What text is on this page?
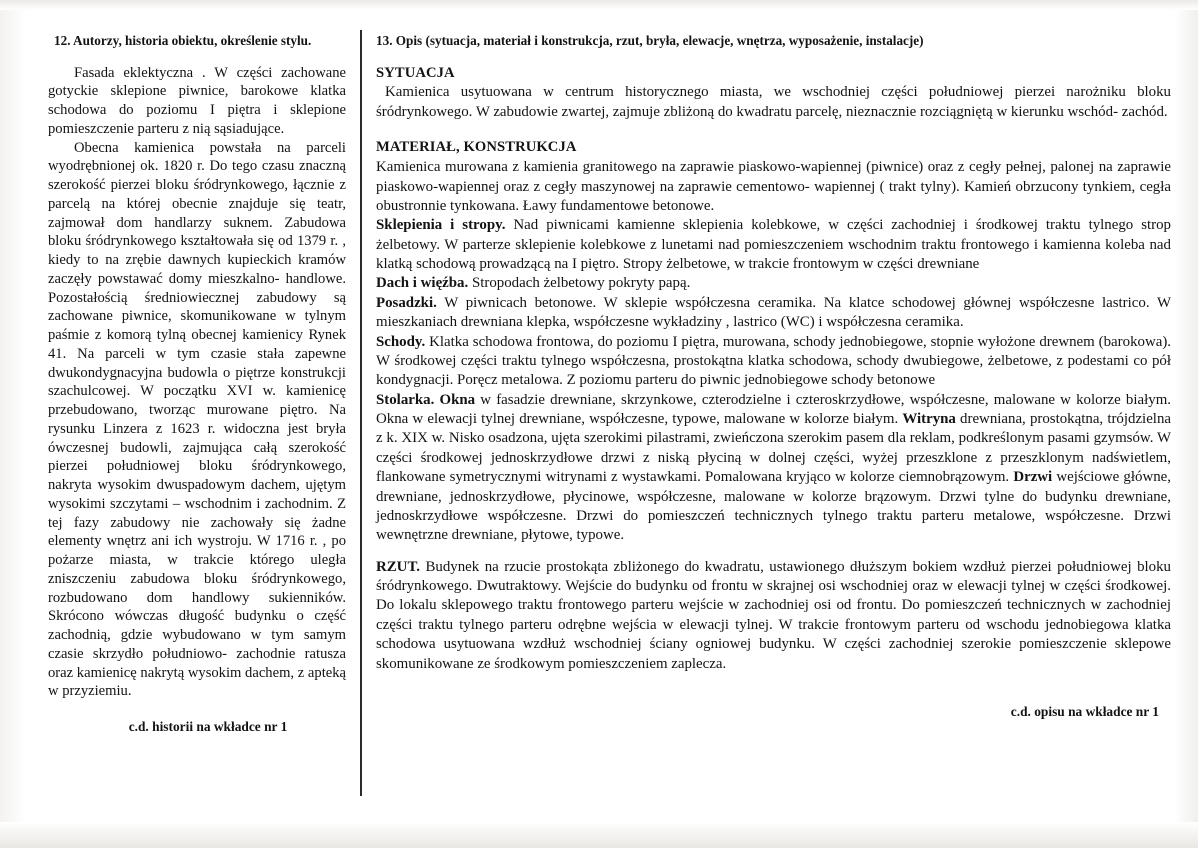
12. Autorzy, historia obiektu, określenie stylu.

Fasada eklektyczna . W części zachowane gotyckie sklepione piwnice, barokowe klatka schodowa do poziomu I piętra i sklepione pomieszczenie parteru z nią sąsiadujące.

Obecna kamienica powstała na parceli wyodrębnionej ok. 1820 r. Do tego czasu znaczną szerokość pierzei bloku śródrynkowego, łącznie z parcelą na której obecnie znajduje się teatr, zajmował dom handlarzy suknem. Zabudowa bloku śródrynkowego kształtowała się od 1379 r. , kiedy to na zrębie dawnych kupieckich kramów zaczęły powstawać domy mieszkalno- handlowe. Pozostałością średniowiecznej zabudowy są zachowane piwnice, skomunikowane w tylnym paśmie z komorą tylną obecnej kamienicy Rynek 41. Na parceli w tym czasie stała zapewne dwukondygnacyjna budowla o piętrze konstrukcji szachulcowej. W początku XVI w. kamienicę przebudowano, tworząc murowane piętro. Na rysunku Linzera z 1623 r. widoczna jest bryła ówczesnej budowli, zajmująca całą szerokość pierzei południowej bloku śródrynkowego, nakryta wysokim dwuspadowym dachem, ujętym wysokimi szczytami – wschodnim i zachodnim. Z tej fazy zabudowy nie zachowały się żadne elementy wnętrz ani ich wystroju. W 1716 r. , po pożarze miasta, w trakcie którego uległa zniszczeniu zabudowa bloku śródrynkowego, rozbudowano dom handlowy sukienników. Skrócono wówczas długość budynku o część zachodnią, gdzie wybudowano w tym samym czasie skrzydło południowo- zachodnie ratusza oraz kamienicę nakrytą wysokim dachem, z apteką w przyziemiu.

c.d. historii na wkładce nr 1
13. Opis (sytuacja, materiał i konstrukcja, rzut, bryła, elewacje, wnętrza, wyposażenie, instalacje)
SYTUACJA

Kamienica usytuowana w centrum historycznego miasta, we wschodniej części południowej pierzei narożniku bloku śródrynkowego. W zabudowie zwartej, zajmuje zbliżoną do kwadratu parcelę, nieznacznie rozciągniętą w kierunku wschód- zachód.

MATERIAŁ, KONSTRUKCJA

Kamienica murowana z kamienia granitowego na zaprawie piaskowo-wapiennej (piwnice) oraz z cegły pełnej, palonej na zaprawie piaskowo-wapiennej oraz z cegły maszynowej na zaprawie cementowo- wapiennej ( trakt tylny). Kamień obrzucony tynkiem, cegła obustronnie tynkowana. Ławy fundamentowe betonowe.

Sklepienia i stropy. Nad piwnicami kamienne sklepienia kolebkowe, w części zachodniej i środkowej traktu tylnego strop żelbetowy. W parterze sklepienie kolebkowe z lunetami nad pomieszczeniem wschodnim traktu frontowego i kamienna koleba nad klatką schodową prowadzącą na I piętro. Stropy żelbetowe, w trakcie frontowym w części drewniane

Dach i więźba. Stropodach żelbetowy pokryty papą.

Posadzki. W piwnicach betonowe. W sklepie współczesna ceramika. Na klatce schodowej głównej współczesne lastrico. W mieszkaniach drewniana klepka, współczesne wykładziny , lastrico (WC) i współczesna ceramika.

Schody. Klatka schodowa frontowa, do poziomu I piętra, murowana, schody jednobiegowe, stopnie wyłożone drewnem (barokowa). W środkowej części traktu tylnego współczesna, prostokątna klatka schodowa, schody dwubiegowe, żelbetowe, z podestami co pół kondygnacji. Poręcz metalowa. Z poziomu parteru do piwnic jednobiegowe schody betonowe

Stolarka. Okna w fasadzie drewniane, skrzynkowe, czterodzielne i czteroskrzydłowe, współczesne, malowane w kolorze białym. Okna w elewacji tylnej drewniane, współczesne, typowe, malowane w kolorze białym. Witryna drewniana, prostokątna, trójdzielna z k. XIX w. Nisko osadzona, ujęta szerokimi pilastrami, zwieńczona szerokim pasem dla reklam, podkreślonym pasami gzymsów. W części środkowej jednoskrzydłowe drzwi z niską płyciną w dolnej części, wyżej przeszklone z przeszklonym nadświetlem, flankowane symetrycznymi witrynami z wystawkami. Pomalowana kryjąco w kolorze ciemnobrązowym. Drzwi wejściowe główne, drewniane, jednoskrzydłowe, płycinowe, współczesne, malowane w kolorze brązowym. Drzwi tylne do budynku drewniane, jednoskrzydłowe współczesne. Drzwi do pomieszczeń technicznych tylnego traktu parteru metalowe, współczesne. Drzwi wewnętrzne drewniane, płytowe, typowe.

RZUT. Budynek na rzucie prostokąta zbliżonego do kwadratu, ustawionego dłuższym bokiem wzdłuż pierzei południowej bloku śródrynkowego. Dwutraktowy. Wejście do budynku od frontu w skrajnej osi wschodniej oraz w elewacji tylnej w części środkowej. Do lokalu sklepowego traktu frontowego parteru wejście w zachodniej osi od frontu. Do pomieszczeń technicznych w zachodniej części traktu tylnego parteru odrębne wejścia w elewacji tylnej. W trakcie frontowym parteru od wschodu jednobiegowa klatka schodowa usytuowana wzdłuż wschodniej ściany ogniowej budynku. W części zachodniej szerokie pomieszczenie sklepowe skomunikowane ze środkowym pomieszczeniem zaplecza.

c.d. opisu na wkładce nr 1
